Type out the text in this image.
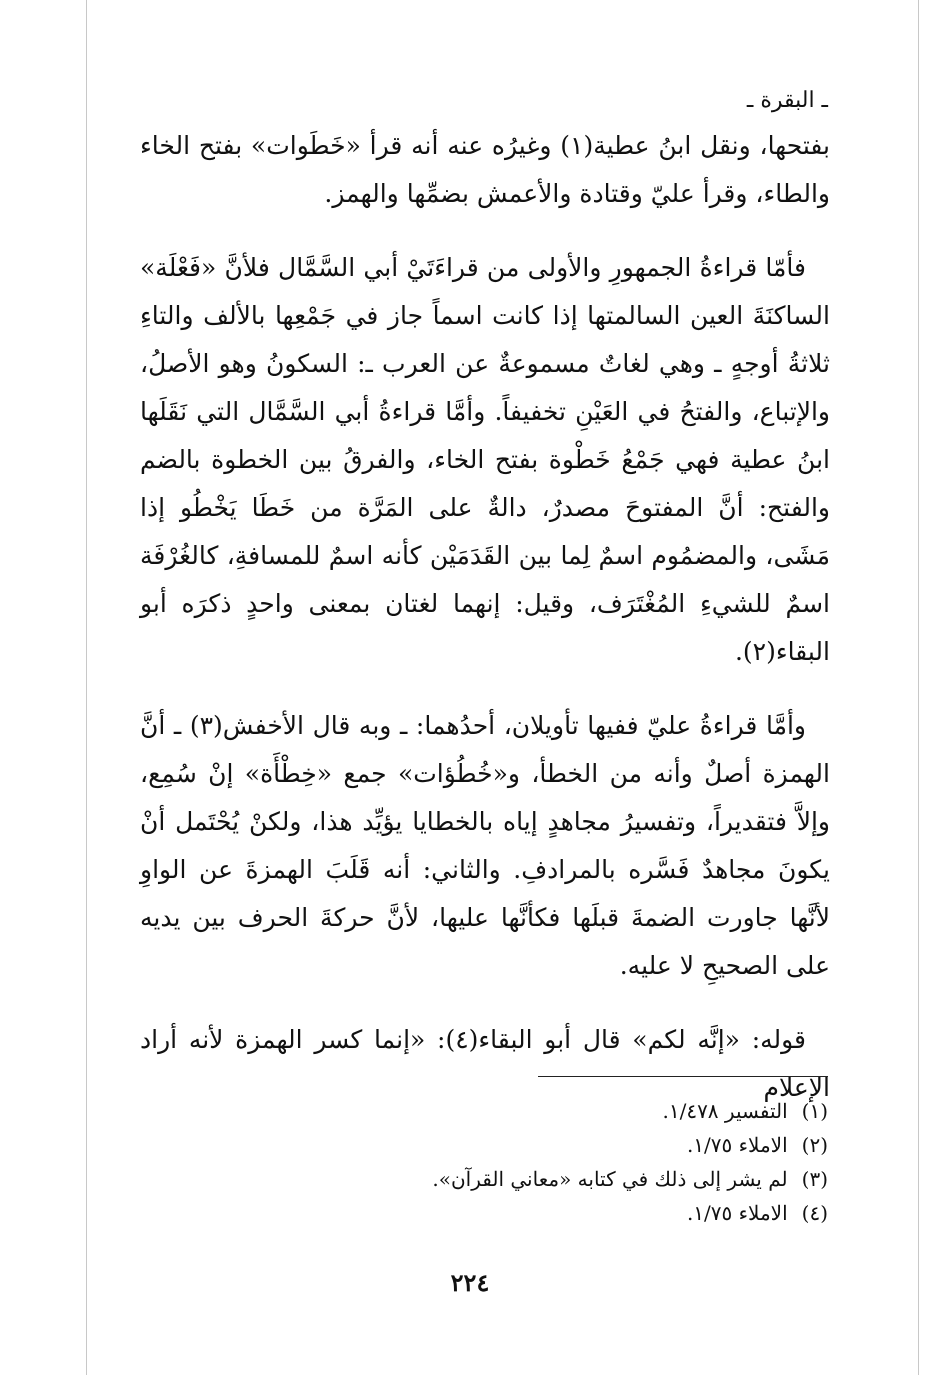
ـ البقرة ـ

بفتحها، ونقل ابنُ عطية(١) وغيرُه عنه أنه قرأ «خَطَوات» بفتح الخاء والطاء، وقرأ عليّ وقتادة والأعمش بضمِّها والهمز.

فأمّا قراءةُ الجمهورِ والأولى من قراءَتَيْ أبي السَّمَّال فلأنَّ «فَعْلَة» الساكنَةَ العين السالمتها إذا كانت اسماً جاز في جَمْعِها بالألف والتاءِ ثلاثةُ أوجهٍ ـ وهي لغاتٌ مسموعةٌ عن العرب ـ: السكونُ وهو الأصلُ، والإتباع، والفتحُ في العَيْنِ تخفيفاً. وأمَّا قراءةُ أبي السَّمَّال التي نَقَلَها ابنُ عطية فهي جَمْعُ خَطْوة بفتح الخاء، والفرقُ بين الخطوة بالضم والفتح: أنَّ المفتوحَ مصدرٌ، دالةٌ على المَرَّة من خَطَا يَخْطُو إذا مَشَى، والمضمُوم اسمٌ لِما بين القَدَمَيْن كأنه اسمٌ للمسافةِ، كالغُرْفَة اسمٌ للشيءِ المُغْتَرَف، وقيل: إنهما لغتان بمعنى واحدٍ ذكرَه أبو البقاء(٢).

وأمَّا قراءةُ عليّ ففيها تأويلان، أحدُهما: ـ وبه قال الأخفش(٣) ـ أنَّ الهمزة أصلٌ وأنه من الخطأ، و«خُطُؤات» جمع «خِطْأَة» إنْ سُمِع، وإلاَّ فتقديراً، وتفسيرُ مجاهدٍ إياه بالخطايا يؤيِّد هذا، ولكنْ يُحْتَمل أنْ يكونَ مجاهدٌ فَسَّره بالمرادفِ. والثاني: أنه قَلَبَ الهمزةَ عن الواوِ لأنَّها جاورت الضمةَ قبلَها فكأنَّها عليها، لأنَّ حركةَ الحرف بين يديه على الصحيحِ لا عليه.

قوله: «إنَّه لكم» قال أبو البقاء(٤): «إنما كسر الهمزة لأنه أراد الإعلام

(١) التفسير ١/٤٧٨.
(٢) الاملاء ١/٧٥.
(٣) لم يشر إلى ذلك في كتابه «معاني القرآن».
(٤) الاملاء ١/٧٥.
٢٢٤
